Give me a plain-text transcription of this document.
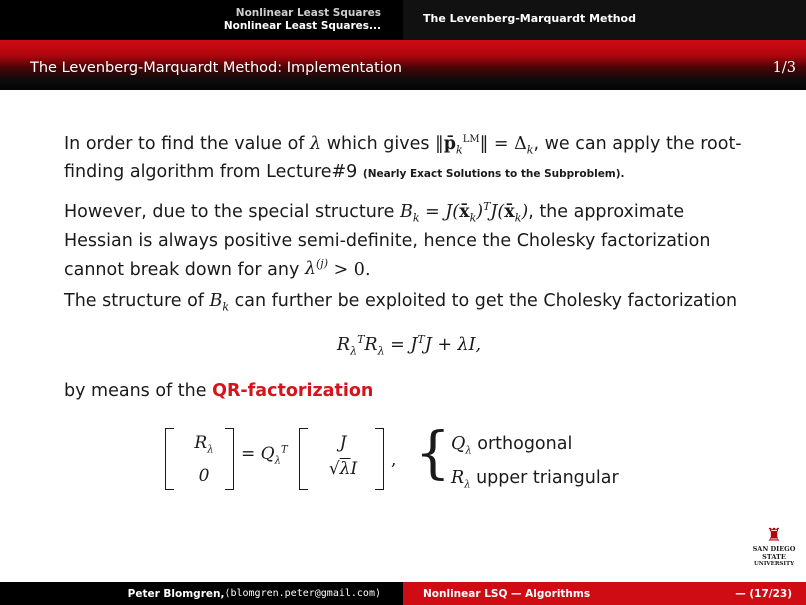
Nonlinear Least Squares
Nonlinear Least Squares...
The Levenberg-Marquardt Method
The Levenberg-Marquardt Method: Implementation	1/3

In order to find the value of λ which gives $‖p̄_k^{LM}‖ = \Delta_k$, we can apply the root-finding algorithm from Lecture#9 (Nearly Exact Solutions to the Subproblem).

However, due to the special structure $B_k$ = $J(x̄_k)^TJ(x̄_k)$, the approximate Hessian is always positive semi-definite, hence the Cholesky factorization cannot break down for any $\lambda^{(j)} > 0$.

The structure of $B_k$ can further be exploited to get the Cholesky factorization

$R_\lambda^TR_\lambda = J^TJ + \lambda I$,

by means of the QR-factorization

$R_\lambda$
0
= $Q_\lambda^T$	J
√λI	, { $Q_\lambda$ orthogonal
$R_\lambda$ upper triangular
♜
SAN DIEGO STATE
UNIVERSITY
Peter Blomgren, ⟨blomgren.peter@gmail.com⟩	Nonlinear LSQ — Algorithms	— (17/23)
